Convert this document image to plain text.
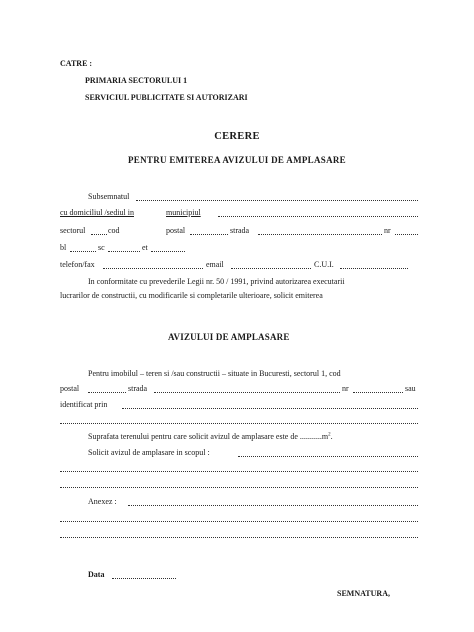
CATRE :
PRIMARIA SECTORULUI 1
SERVICIUL PUBLICITATE SI AUTORIZARI
CERERE
PENTRU EMITEREA AVIZULUI DE AMPLASARE
Subsemnatul
cu domiciliul /sediul in	municipiul
sectorul	cod	postal	strada	nr
bl	sc	et
telefon/fax	email	C.U.I.
In conformitate cu prevederile Legii nr. 50 / 1991, privind autorizarea executarii
lucrarilor de constructii, cu modificarile si completarile ulterioare, solicit emiterea
AVIZULUI DE AMPLASARE
Pentru imobilul – teren si /sau constructii – situate in Bucuresti, sectorul 1, cod
postal	strada	nr	sau
identificat prin
Suprafata terenului pentru care solicit avizul de amplasare este de $...........m^2$.
Solicit avizul de amplasare in scopul :
Anexez :
Data
SEMNATURA,
